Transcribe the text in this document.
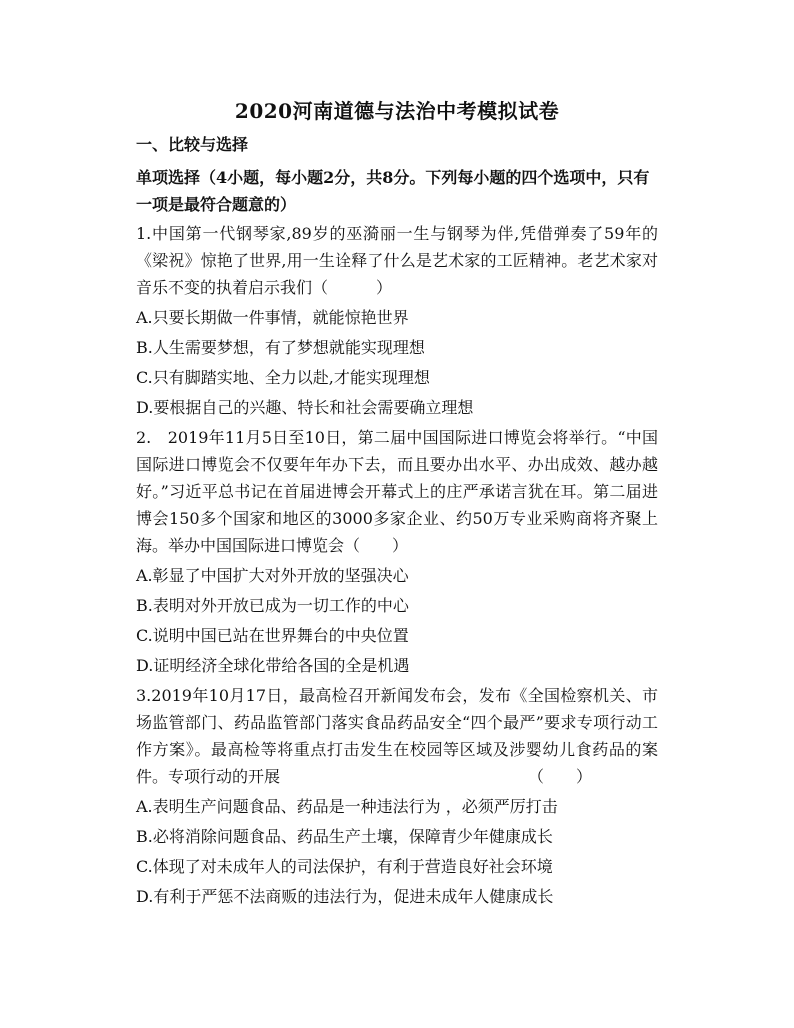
2020河南道德与法治中考模拟试卷
一、比较与选择
单项选择（4小题，每小题2分，共8分。下列每小题的四个选项中，只有一项是最符合题意的）
1.中国第一代钢琴家,89岁的巫漪丽一生与钢琴为伴,凭借弹奏了59年的《梁祝》惊艳了世界,用一生诠释了什么是艺术家的工匠精神。老艺术家对音乐不变的执着启示我们（　　　）
A.只要长期做一件事情，就能惊艳世界
B.人生需要梦想，有了梦想就能实现理想
C.只有脚踏实地、全力以赴,才能实现理想
D.要根据自己的兴趣、特长和社会需要确立理想
2.　2019年11月5日至10日，第二届中国国际进口博览会将举行。“中国国际进口博览会不仅要年年办下去，而且要办出水平、办出成效、越办越好。”习近平总书记在首届进博会开幕式上的庄严承诺言犹在耳。第二届进博会150多个国家和地区的3000多家企业、约50万专业采购商将齐聚上海。举办中国国际进口博览会（　　）
A.彰显了中国扩大对外开放的坚强决心
B.表明对外开放已成为一切工作的中心
C.说明中国已站在世界舞台的中央位置
D.证明经济全球化带给各国的全是机遇
3.2019年10月17日，最高检召开新闻发布会，发布《全国检察机关、市场监管部门、药品监管部门落实食品药品安全“四个最严”要求专项行动工作方案》。最高检等将重点打击发生在校园等区域及涉婴幼儿食药品的案件。专项行动的开展　　　　　　　　　　　　　　　　（　　）
A.表明生产问题食品、药品是一种违法行为 ，必须严厉打击
B.必将消除问题食品、药品生产土壤，保障青少年健康成长
C.体现了对未成年人的司法保护，有利于营造良好社会环境
D.有利于严惩不法商贩的违法行为，促进未成年人健康成长
